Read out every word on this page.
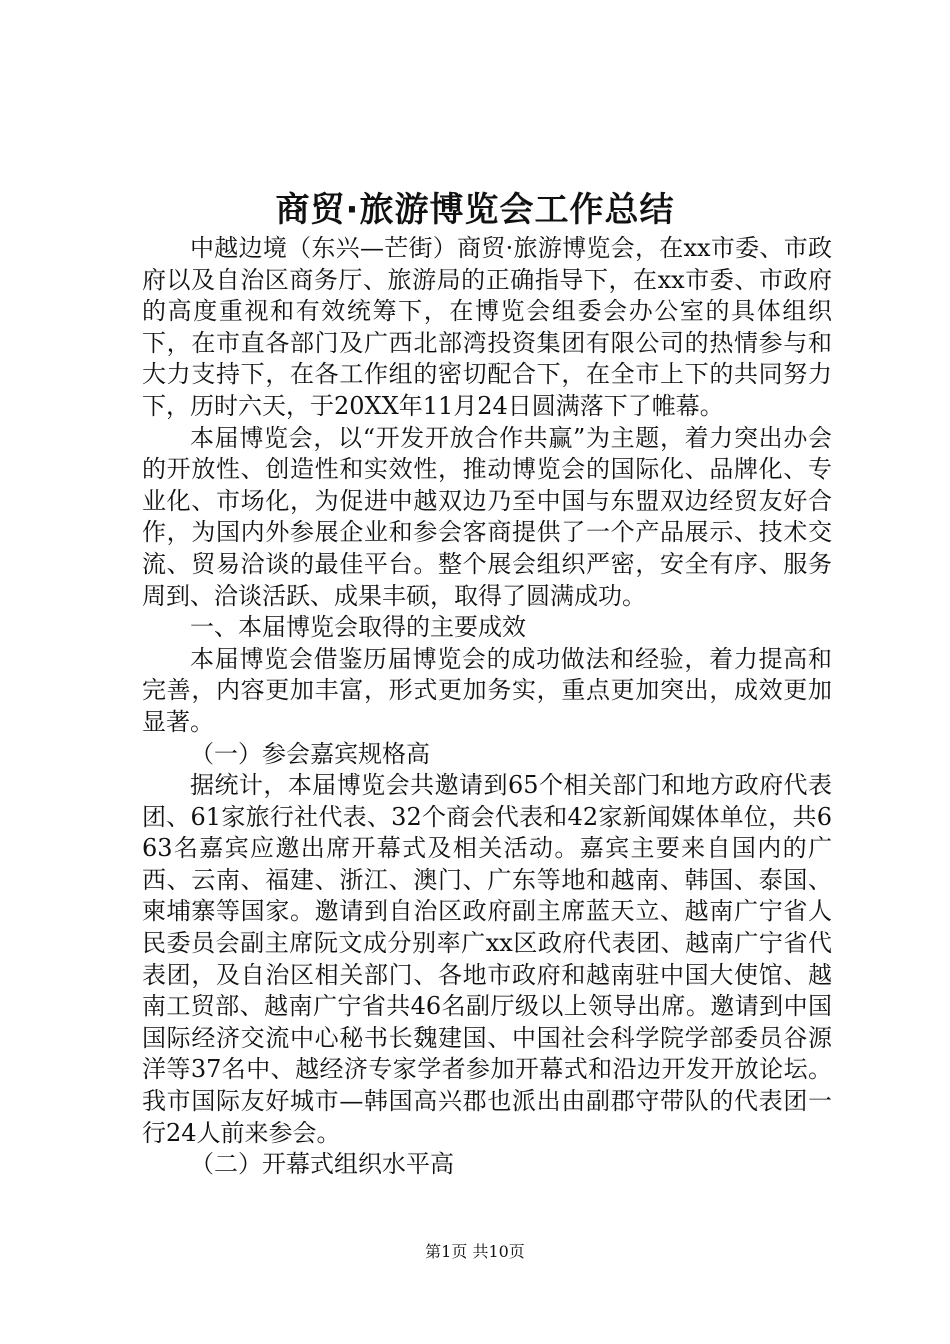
商贸·旅游博览会工作总结

中越边境（东兴—芒街）商贸·旅游博览会，在xx市委、市政府以及自治区商务厅、旅游局的正确指导下，在xx市委、市政府的高度重视和有效统筹下，在博览会组委会办公室的具体组织下，在市直各部门及广西北部湾投资集团有限公司的热情参与和大力支持下，在各工作组的密切配合下，在全市上下的共同努力下，历时六天，于20XX年11月24日圆满落下了帷幕。

本届博览会，以“开发开放合作共赢”为主题，着力突出办会的开放性、创造性和实效性，推动博览会的国际化、品牌化、专业化、市场化，为促进中越双边乃至中国与东盟双边经贸友好合作，为国内外参展企业和参会客商提供了一个产品展示、技术交流、贸易洽谈的最佳平台。整个展会组织严密，安全有序、服务周到、洽谈活跃、成果丰硕，取得了圆满成功。

一、本届博览会取得的主要成效

本届博览会借鉴历届博览会的成功做法和经验，着力提高和完善，内容更加丰富，形式更加务实，重点更加突出，成效更加显著。

（一）参会嘉宾规格高

据统计，本届博览会共邀请到65个相关部门和地方政府代表团、61家旅行社代表、32个商会代表和42家新闻媒体单位，共663名嘉宾应邀出席开幕式及相关活动。嘉宾主要来自国内的广西、云南、福建、浙江、澳门、广东等地和越南、韩国、泰国、柬埔寨等国家。邀请到自治区政府副主席蓝天立、越南广宁省人民委员会副主席阮文成分别率广xx区政府代表团、越南广宁省代表团，及自治区相关部门、各地市政府和越南驻中国大使馆、越南工贸部、越南广宁省共46名副厅级以上领导出席。邀请到中国国际经济交流中心秘书长魏建国、中国社会科学院学部委员谷源洋等37名中、越经济专家学者参加开幕式和沿边开发开放论坛。我市国际友好城市—韩国高兴郡也派出由副郡守带队的代表团一行24人前来参会。

（二）开幕式组织水平高

第1页 共10页
